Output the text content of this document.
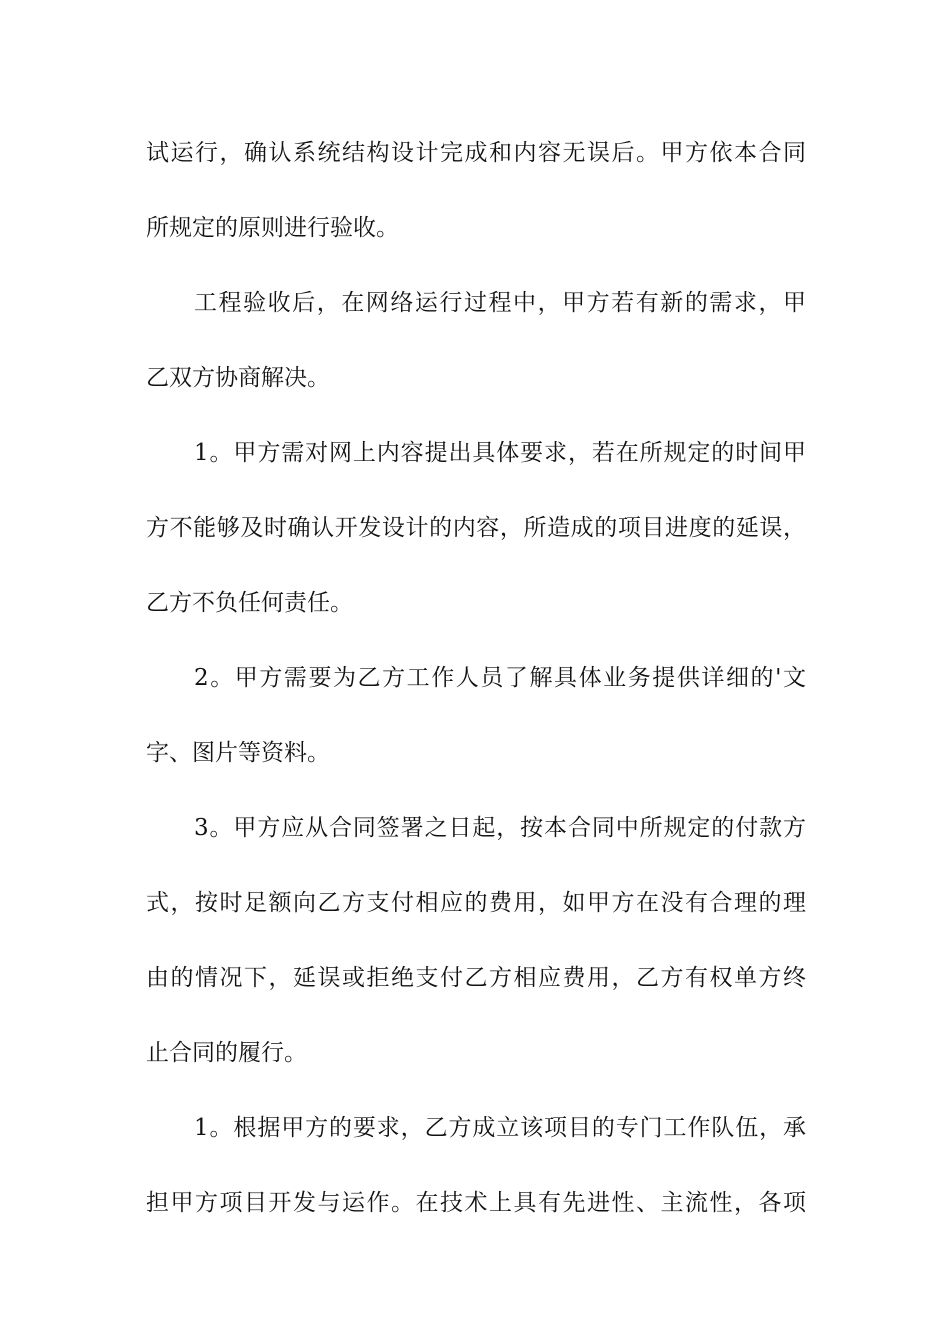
试运行，确认系统结构设计完成和内容无误后。甲方依本合同
所规定的原则进行验收。
工程验收后，在网络运行过程中，甲方若有新的需求，甲
乙双方协商解决。
1。甲方需对网上内容提出具体要求，若在所规定的时间甲
方不能够及时确认开发设计的内容，所造成的项目进度的延误，
乙方不负任何责任。
2。甲方需要为乙方工作人员了解具体业务提供详细的'文
字、图片等资料。
3。甲方应从合同签署之日起，按本合同中所规定的付款方
式，按时足额向乙方支付相应的费用，如甲方在没有合理的理
由的情况下，延误或拒绝支付乙方相应费用，乙方有权单方终
止合同的履行。
1。根据甲方的要求，乙方成立该项目的专门工作队伍，承
担甲方项目开发与运作。在技术上具有先进性、主流性，各项
